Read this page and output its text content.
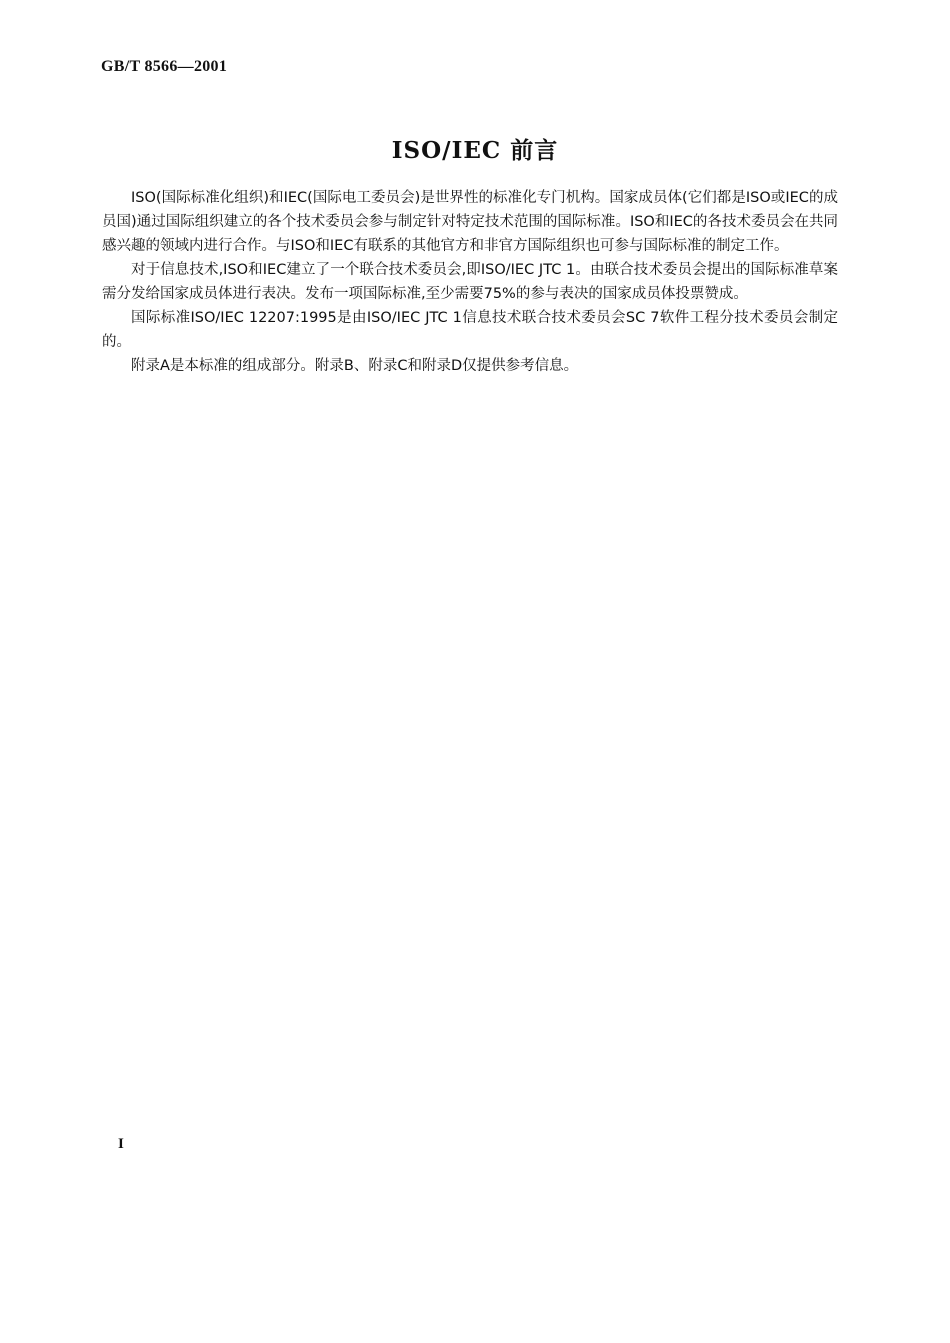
GB/T 8566—2001
ISO/IEC 前言

ISO(国际标准化组织)和IEC(国际电工委员会)是世界性的标准化专门机构。国家成员体(它们都是ISO或IEC的成员国)通过国际组织建立的各个技术委员会参与制定针对特定技术范围的国际标准。ISO和IEC的各技术委员会在共同感兴趣的领域内进行合作。与ISO和IEC有联系的其他官方和非官方国际组织也可参与国际标准的制定工作。

对于信息技术,ISO和IEC建立了一个联合技术委员会,即ISO/IEC JTC 1。由联合技术委员会提出的国际标准草案需分发给国家成员体进行表决。发布一项国际标准,至少需要75%的参与表决的国家成员体投票赞成。

国际标准ISO/IEC 12207:1995是由ISO/IEC JTC 1信息技术联合技术委员会SC 7软件工程分技术委员会制定的。

附录A是本标准的组成部分。附录B、附录C和附录D仅提供参考信息。

I
